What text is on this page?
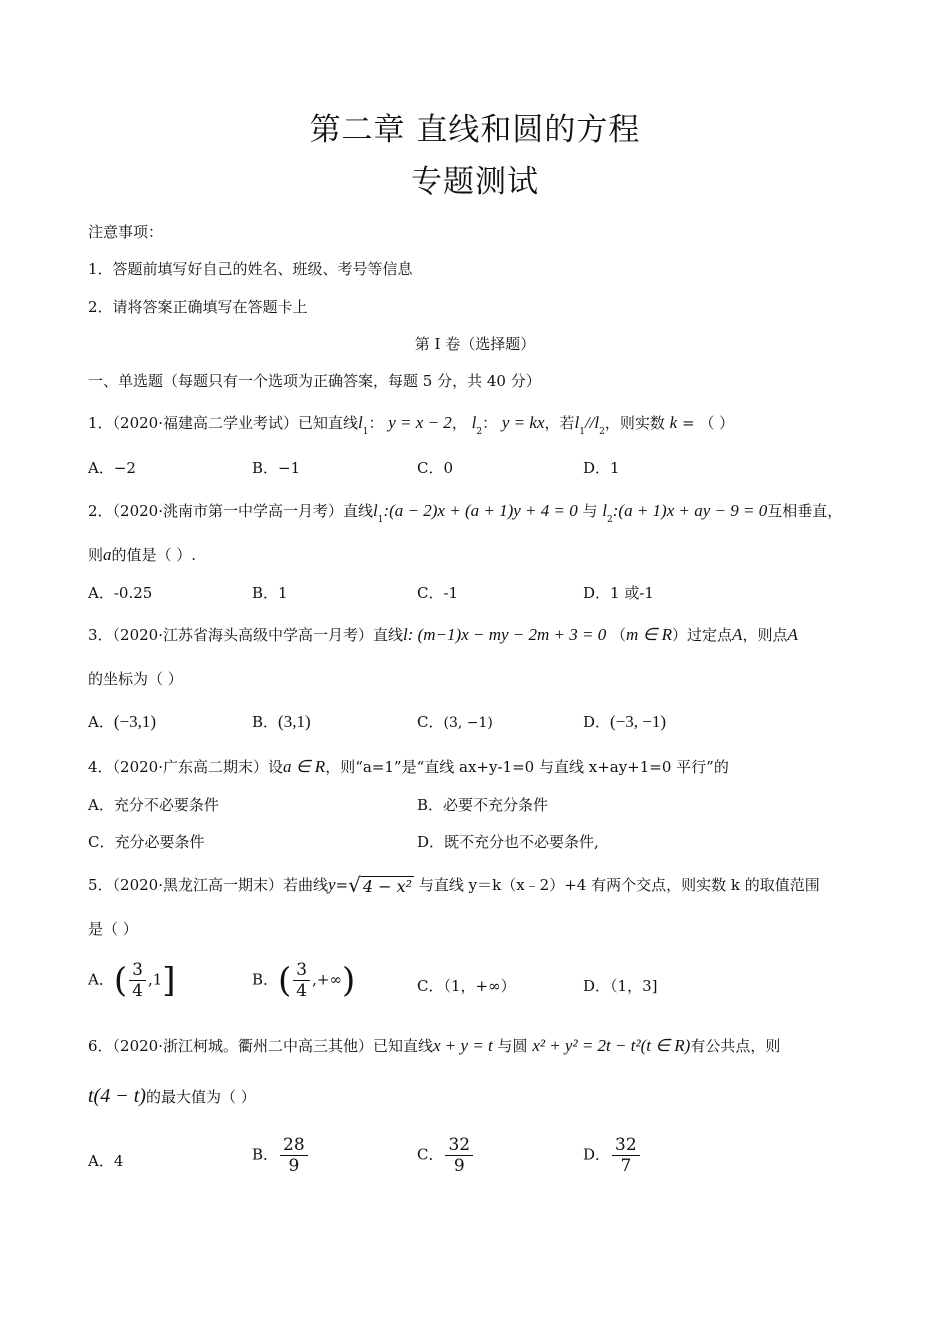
第二章 直线和圆的方程
专题测试
注意事项：
1．答题前填写好自己的姓名、班级、考号等信息
2．请将答案正确填写在答题卡上
第 I 卷（选择题）
一、单选题（每题只有一个选项为正确答案，每题 5 分，共 40 分）
1．（2020·福建高二学业考试）已知直线$l_1$： y = x − 2， $l_2$： y = kx，若$l_1//l_2$，则实数 k = （ ）
A．−2	B．−1	C．0	D．1
2．（2020·洮南市第一中学高一月考）直线$l_1:(a - 2)x + (a + 1)y + 4 = 0$ 与 $l_2:(a + 1)x$ + ay − 9 = 0互相垂直，
则a的值是（ ）.
A．-0.25	B．1	C．-1	D．1 或-1
3．（2020·江苏省海头高级中学高一月考）直线l: (m−1)x − my − 2m + 3 = 0 （m ∈ R）过定点A，则点A
的坐标为（ ）
A．(−3,1)	B．(3,1)	C．(3, −1)	D．(−3, −1)
4．（2020·广东高二期末）设a ∈ R，则“a=1”是“直线 ax+y-1=0 与直线 x+ay+1=0 平行”的
A．充分不必要条件	B．必要不充分条件
C．充分必要条件	D．既不充分也不必要条件,
5．（2020·黑龙江高一期末）若曲线y=√ 4 − x² 与直线 y＝k（x﹣2）+4 有两个交点，则实数 k 的取值范围
是（ ）
A．( $\frac{3}{4} ,1$]	B．( $\frac{3}{4}$ ,+∞)	C．（1，+∞）	D．（1，3]
6．（2020·浙江柯城。衢州二中高三其他）已知直线x + y = t 与圆 x² + y² = 2t − t²(t ∈ R)有公共点，则
t(4 − t)的最大值为（ ）
A．4	B． $\frac{28}{9}$	C． $\frac{32}{9}$	D． $\frac{32}{7}$
